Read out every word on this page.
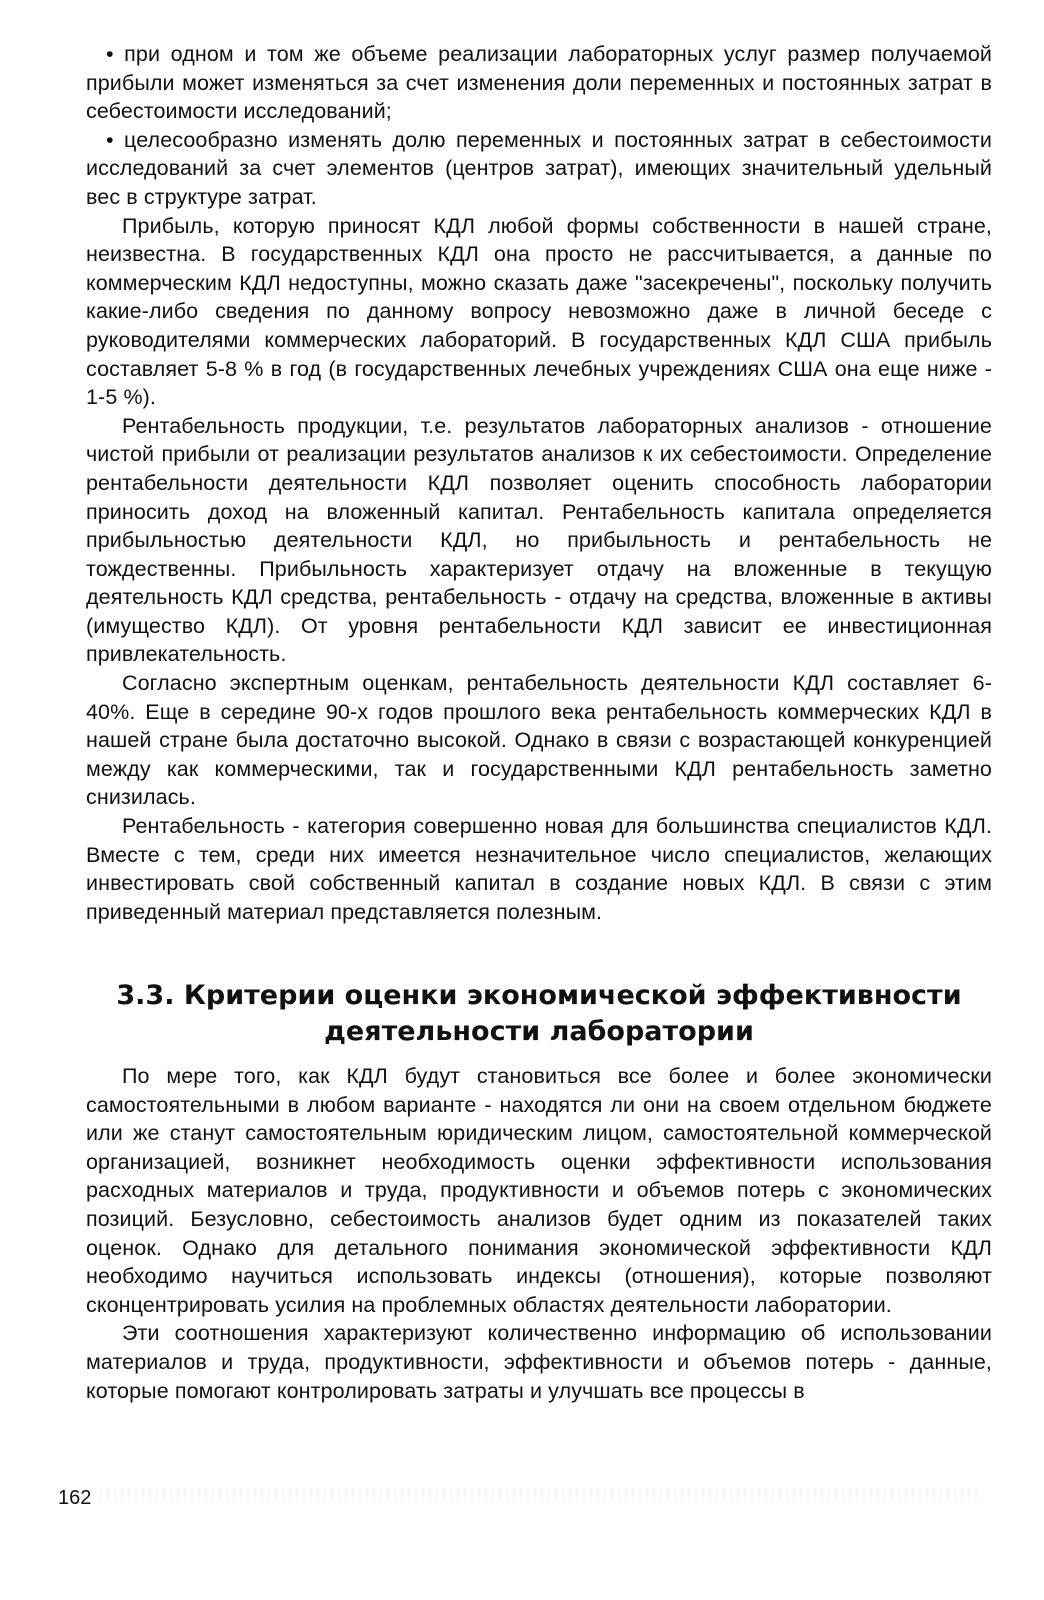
• при одном и том же объеме реализации лабораторных услуг размер получаемой прибыли может изменяться за счет изменения доли переменных и постоянных затрат в себестоимости исследований;

• целесообразно изменять долю переменных и постоянных затрат в себестоимости исследований за счет элементов (центров затрат), имеющих значительный удельный вес в структуре затрат.

Прибыль, которую приносят КДЛ любой формы собственности в нашей стране, неизвестна. В государственных КДЛ она просто не рассчитывается, а данные по коммерческим КДЛ недоступны, можно сказать даже "засекречены", поскольку получить какие-либо сведения по данному вопросу невозможно даже в личной беседе с руководителями коммерческих лабораторий. В государственных КДЛ США прибыль составляет 5-8 % в год (в государственных лечебных учреждениях США она еще ниже - 1-5 %).

Рентабельность продукции, т.е. результатов лабораторных анализов - отношение чистой прибыли от реализации результатов анализов к их себестоимости. Определение рентабельности деятельности КДЛ позволяет оценить способность лаборатории приносить доход на вложенный капитал. Рентабельность капитала определяется прибыльностью деятельности КДЛ, но прибыльность и рентабельность не тождественны. Прибыльность характеризует отдачу на вложенные в текущую деятельность КДЛ средства, рентабельность - отдачу на средства, вложенные в активы (имущество КДЛ). От уровня рентабельности КДЛ зависит ее инвестиционная привлекательность.

Согласно экспертным оценкам, рентабельность деятельности КДЛ составляет 6-40%. Еще в середине 90-х годов прошлого века рентабельность коммерческих КДЛ в нашей стране была достаточно высокой. Однако в связи с возрастающей конкуренцией между как коммерческими, так и государственными КДЛ рентабельность заметно снизилась.

Рентабельность - категория совершенно новая для большинства специалистов КДЛ. Вместе с тем, среди них имеется незначительное число специалистов, желающих инвестировать свой собственный капитал в создание новых КДЛ. В связи с этим приведенный материал представляется полезным.

3.3. Критерии оценки экономической эффективности
деятельности лаборатории

По мере того, как КДЛ будут становиться все более и более экономически самостоятельными в любом варианте - находятся ли они на своем отдельном бюджете или же станут самостоятельным юридическим лицом, самостоятельной коммерческой организацией, возникнет необходимость оценки эффективности использования расходных материалов и труда, продуктивности и объемов потерь с экономических позиций. Безусловно, себестоимость анализов будет одним из показателей таких оценок. Однако для детального понимания экономической эффективности КДЛ необходимо научиться использовать индексы (отношения), которые позволяют сконцентрировать усилия на проблемных областях деятельности лаборатории.

Эти соотношения характеризуют количественно информацию об использовании материалов и труда, продуктивности, эффективности и объемов потерь - данные, которые помогают контролировать затраты и улучшать все процессы в

162
